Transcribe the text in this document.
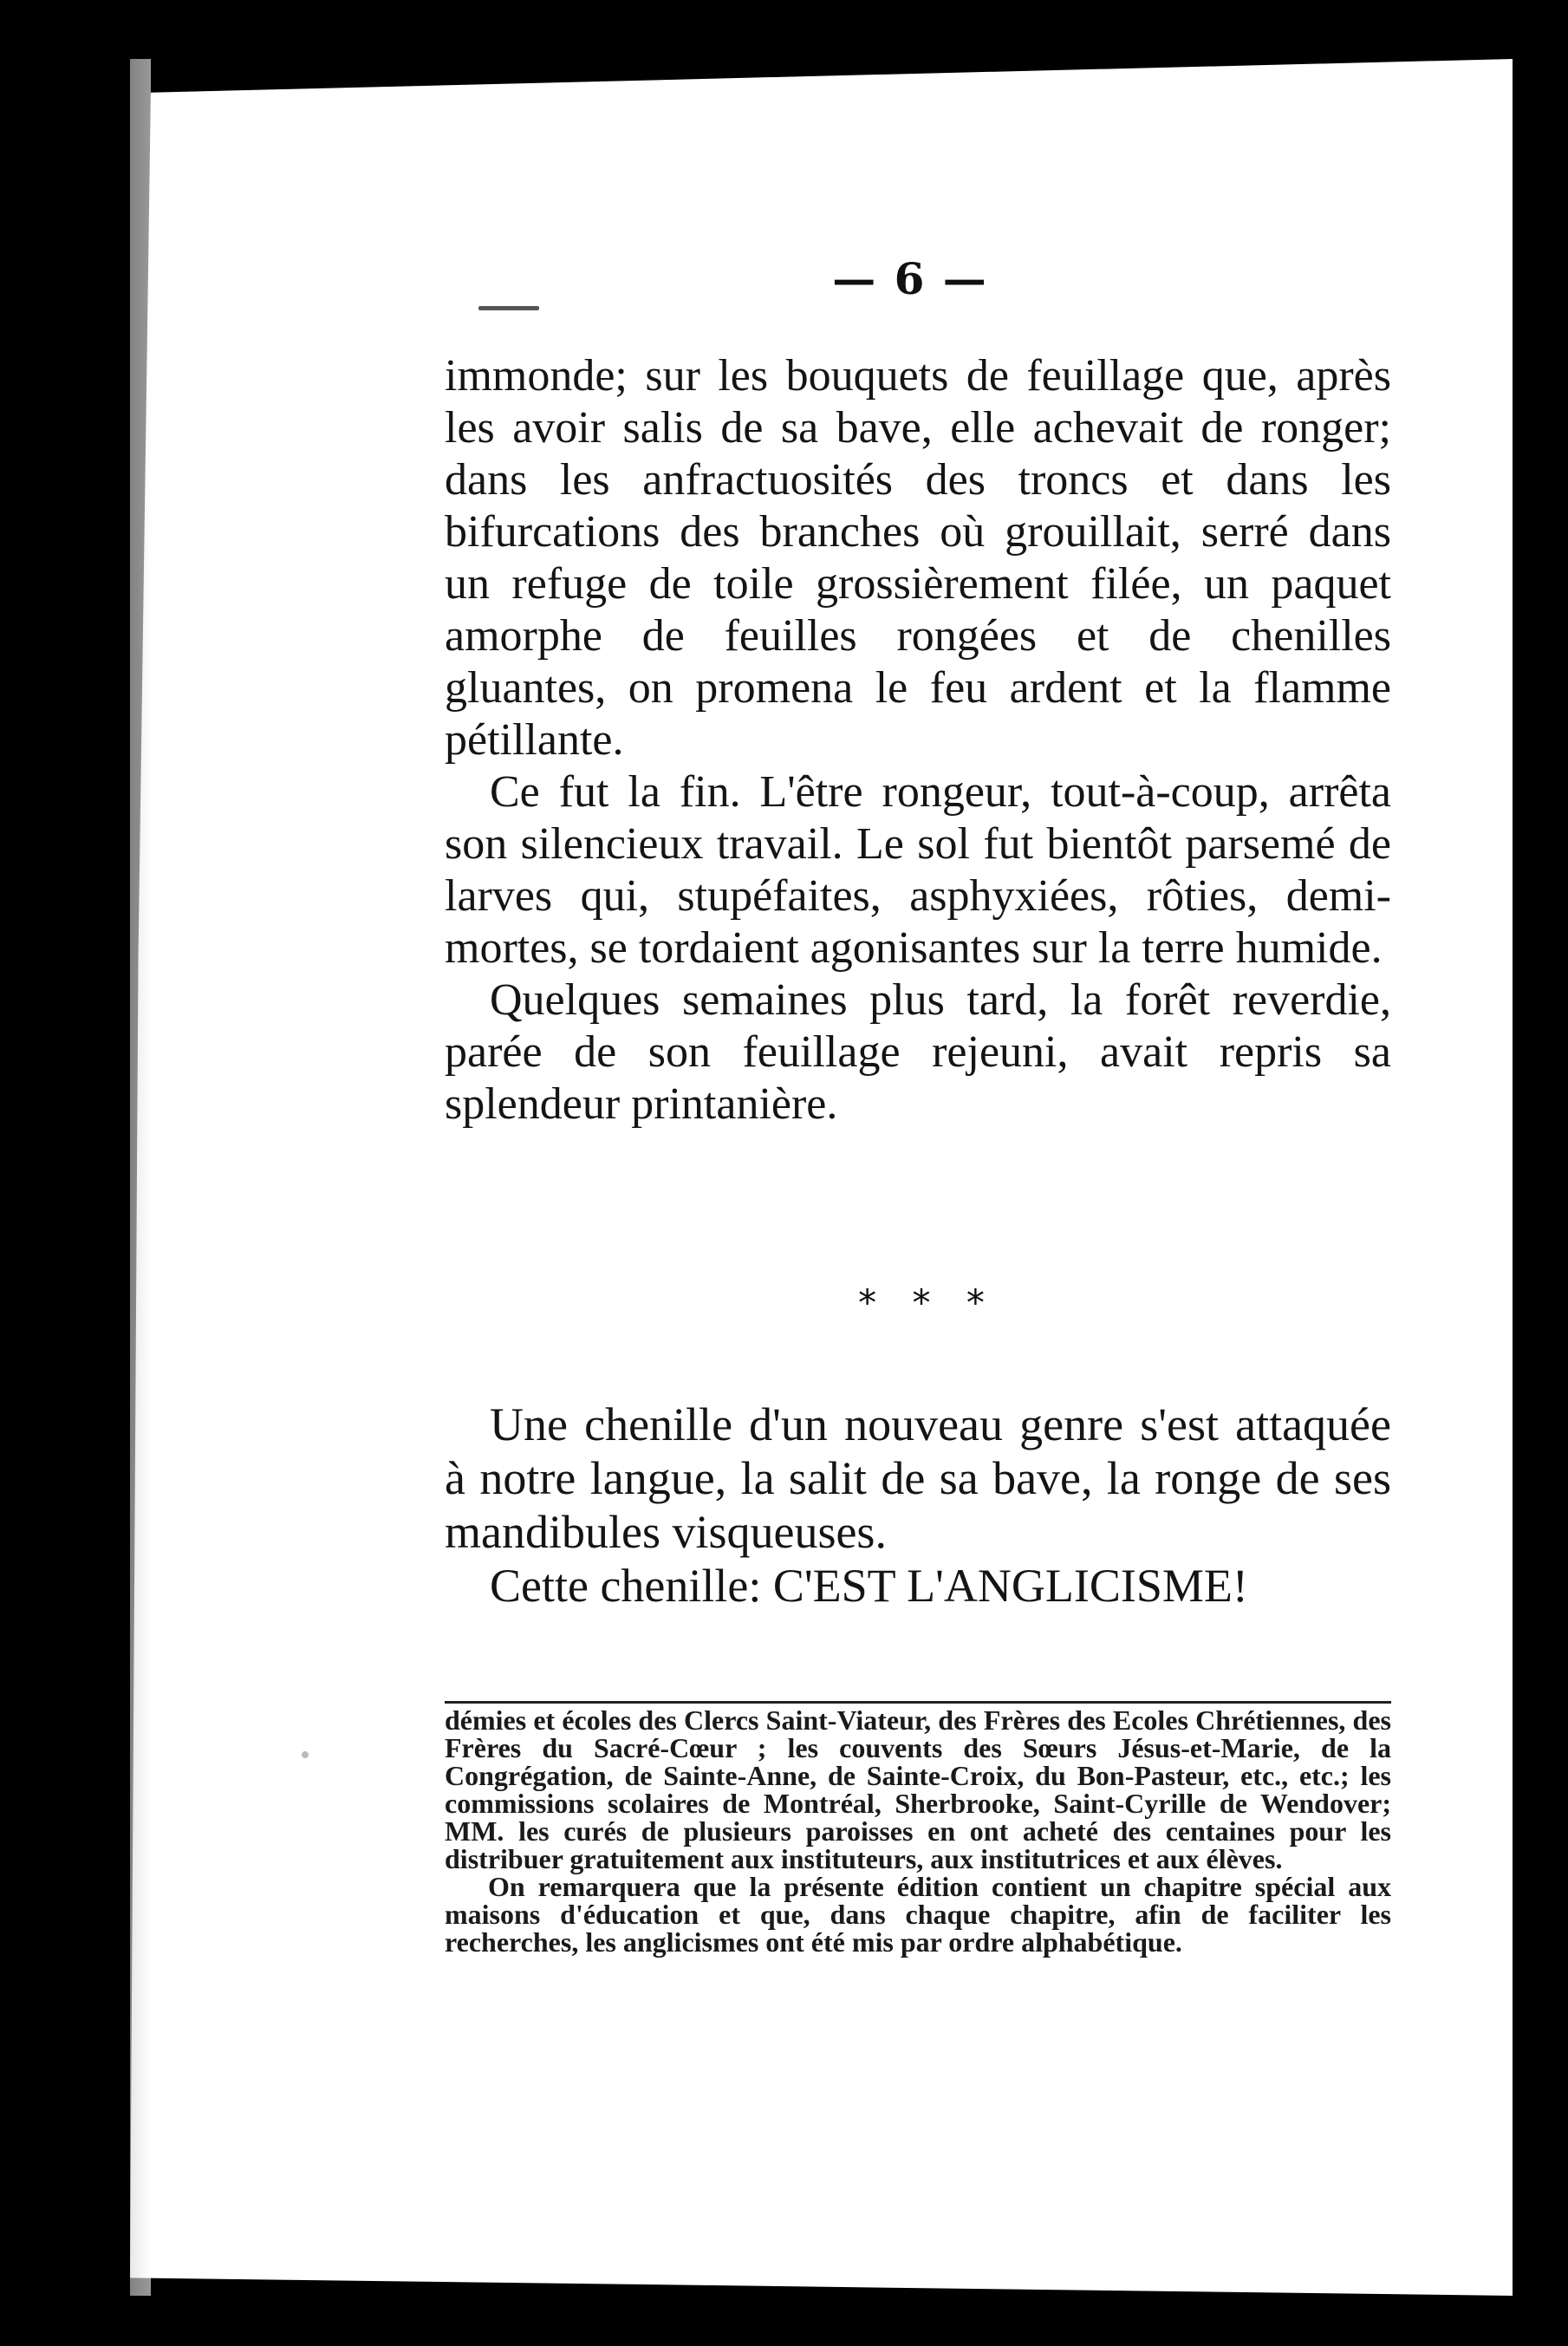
— 6 —

immonde; sur les bouquets de feuillage que, après les avoir salis de sa bave, elle achevait de ronger; dans les anfractuosités des troncs et dans les bifurcations des branches où grouillait, serré dans un refuge de toile grossièrement filée, un paquet amorphe de feuilles rongées et de chenilles gluantes, on promena le feu ardent et la flamme pétillante.

Ce fut la fin. L'être rongeur, tout-à-coup, arrêta son silencieux travail. Le sol fut bientôt parsemé de larves qui, stupéfaites, asphyxiées, rôties, demi-mortes, se tordaient agonisantes sur la terre humide.

Quelques semaines plus tard, la forêt reverdie, parée de son feuillage rejeuni, avait repris sa splendeur printanière.

* * *

Une chenille d'un nouveau genre s'est attaquée à notre langue, la salit de sa bave, la ronge de ses mandibules visqueuses.

Cette chenille: C'EST L'ANGLICISME!

démies et écoles des Clercs Saint-Viateur, des Frères des Ecoles Chrétiennes, des Frères du Sacré-Cœur ; les couvents des Sœurs Jésus-et-Marie, de la Congrégation, de Sainte-Anne, de Sainte-Croix, du Bon-Pasteur, etc., etc.; les commissions scolaires de Montréal, Sherbrooke, Saint-Cyrille de Wendover; MM. les curés de plusieurs paroisses en ont acheté des centaines pour les distribuer gratuitement aux instituteurs, aux institutrices et aux élèves.

On remarquera que la présente édition contient un chapitre spécial aux maisons d'éducation et que, dans chaque chapitre, afin de faciliter les recherches, les anglicismes ont été mis par ordre alphabétique.
